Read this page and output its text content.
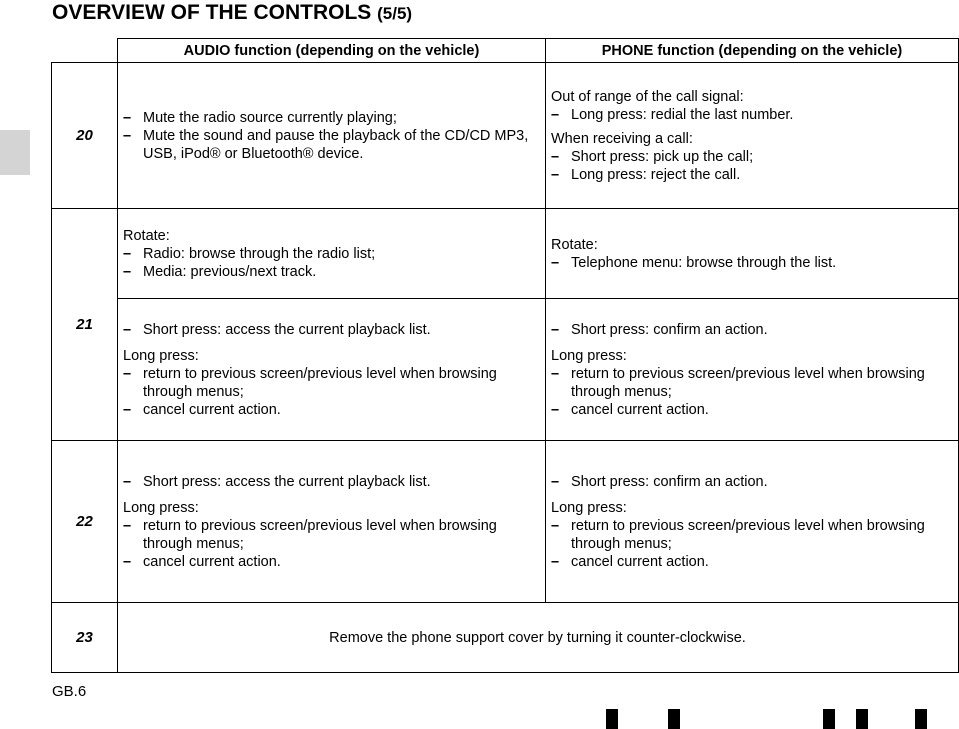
OVERVIEW OF THE CONTROLS (5/5)
	AUDIO function (depending on the vehicle)	PHONE function (depending on the vehicle)
20	– Mute the radio source currently playing;
– Mute the sound and pause the playback of the CD/CD MP3, USB, iPod® or Bluetooth® device.	Out of range of the call signal:
– Long press: redial the last number.
When receiving a call:
– Short press: pick up the call;
– Long press: reject the call.

21	Rotate:
– Radio: browse through the radio list;
– Media: previous/next track.	Rotate:
– Telephone menu: browse through the list.

	– Short press: access the current playback list.
Long press:
– return to previous screen/previous level when browsing through menus;
– cancel current action.	– Short press: confirm an action.
Long press:
– return to previous screen/previous level when browsing through menus;
– cancel current action.

22	– Short press: access the current playback list.
Long press:
– return to previous screen/previous level when browsing through menus;
– cancel current action.	– Short press: confirm an action.
Long press:
– return to previous screen/previous level when browsing through menus;
– cancel current action.

23	Remove the phone support cover by turning it counter-clockwise.	
GB.6
